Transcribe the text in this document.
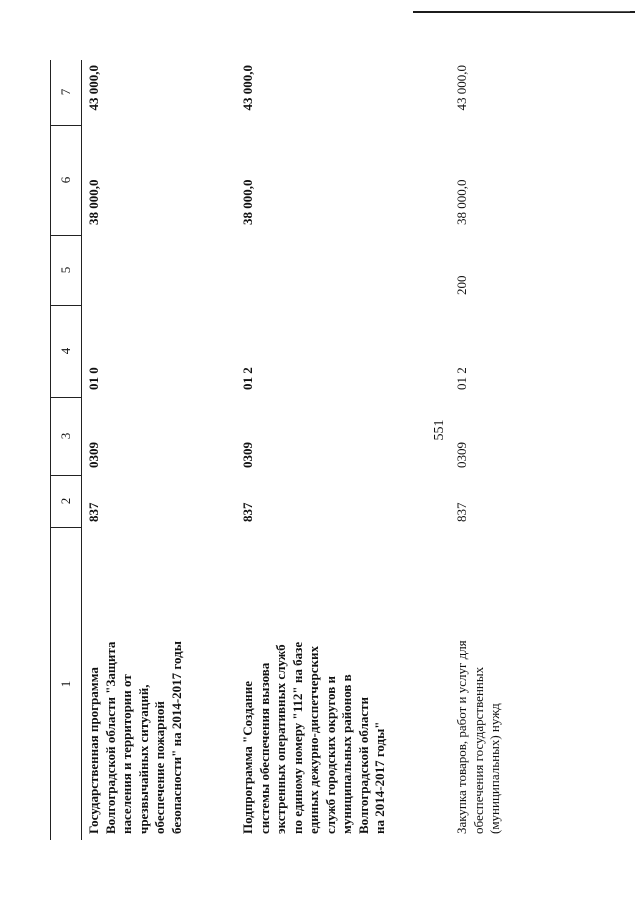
551
1
2
3
4
5
6
7
Государственная программа Волгоградской области "Защита населения и территории от чрезвычайных ситуаций, обеспечение пожарной безопасности" на 2014-2017 годы
837
0309
01 0
38 000,0
43 000,0
Подпрограмма "Создание системы обеспечения вызова экстренных оперативных служб по единому номеру "112" на базе единых дежурно-диспетчерских служб городских округов и муниципальных районов в Волгоградской области на 2014-2017 годы"
837
0309
01 2
38 000,0
43 000,0
Закупка товаров, работ и услуг для обеспечения государственных (муниципальных) нужд
837
0309
01 2
200
38 000,0
43 000,0
